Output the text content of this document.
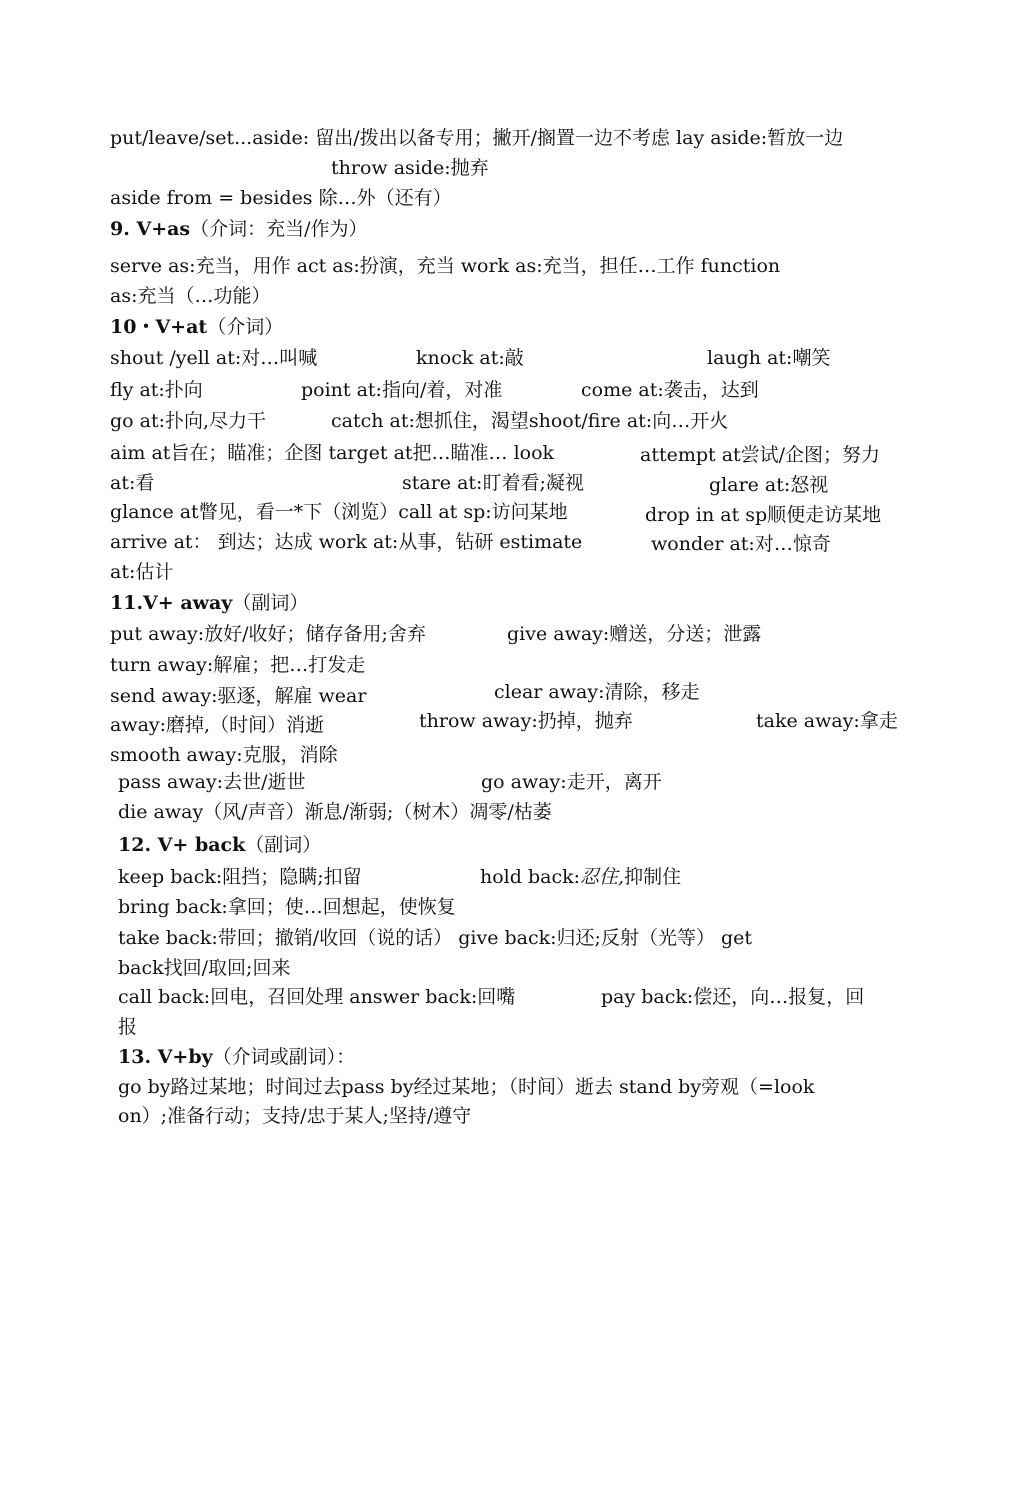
put/leave/set...aside: 留出/拨出以备专用；撇开/搁置一边不考虑 lay aside:暂放一边
throw aside:抛弃
aside from = besides 除…外（还有）
9. V+as（介词：充当/作为）
serve as:充当，用作 act as:扮演，充当 work as:充当，担任…工作 function
as:充当（…功能）
10・V+at（介词）
shout /yell at:对…叫喊	knock at:敲	laugh at:嘲笑
fly at:扑向	point at:指向/着，对准	come at:袭击，达到
go at:扑向,尽力干	catch at:想抓住，渴望shoot/fire at:向…开火
aim at旨在；瞄准；企图 target at把…瞄准… look	attempt at尝试/企图；努力
at:看	stare at:盯着看;凝视	glare at:怒视
glance at瞥见，看一*下（浏览）call at sp:访问某地	drop in at sp顺便走访某地
arrive at： 到达；达成 work at:从事，钻研 estimate	wonder at:对…惊奇
at:估计
11.V+ away（副词）
put away:放好/收好；储存备用;舍弃	give away:赠送，分送；泄露
turn away:解雇；把…打发走
send away:驱逐，解雇 wear	clear away:清除，移走
away:磨掉,（时间）消逝	throw away:扔掉，抛弃	take away:拿走
smooth away:克服，消除
pass away:去世/逝世	go away:走开，离开
die away（风/声音）渐息/渐弱;（树木）凋零/枯萎
12. V+ back（副词）
keep back:阻挡；隐瞒;扣留	hold back:忍住,抑制住
bring back:拿回；使…回想起，使恢复
take back:带回；撤销/收回（说的话） give back:归还;反射（光等） get
back找回/取回;回来
call back:回电，召回处理 answer back:回嘴	pay back:偿还，向…报复，回
报
13. V+by（介词或副词）：
go by路过某地；时间过去pass by经过某地；（时间）逝去 stand by旁观（=look
on）;准备行动；支持/忠于某人;坚持/遵守
